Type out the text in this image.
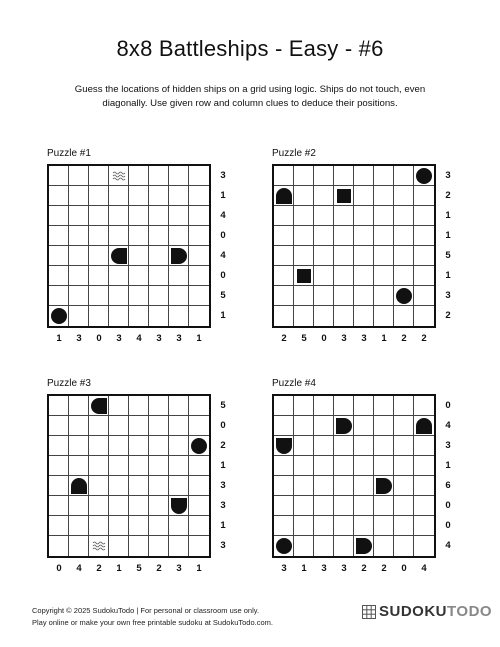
8x8 Battleships - Easy - #6
Guess the locations of hidden ships on a grid using logic. Ships do not touch, even diagonally. Use given row and column clues to deduce their positions.
Puzzle #1
3
1
4
0
4
0
5
1
1	3	0	3	4	3	3	1
Puzzle #2
3
2
1
1
5
1
3
2
2	5	0	3	3	1	2	2
Puzzle #3
5
0
2
1
3
3
1
3
0	4	2	1	5	2	3	1
Puzzle #4
0
4
3
1
6
0
0
4
3	1	3	3	2	2	0	4
Copyright © 2025 SudokuTodo | For personal or classroom use only.
Play online or make your own free printable sudoku at SudokuTodo.com.
SUDOKUTODO
